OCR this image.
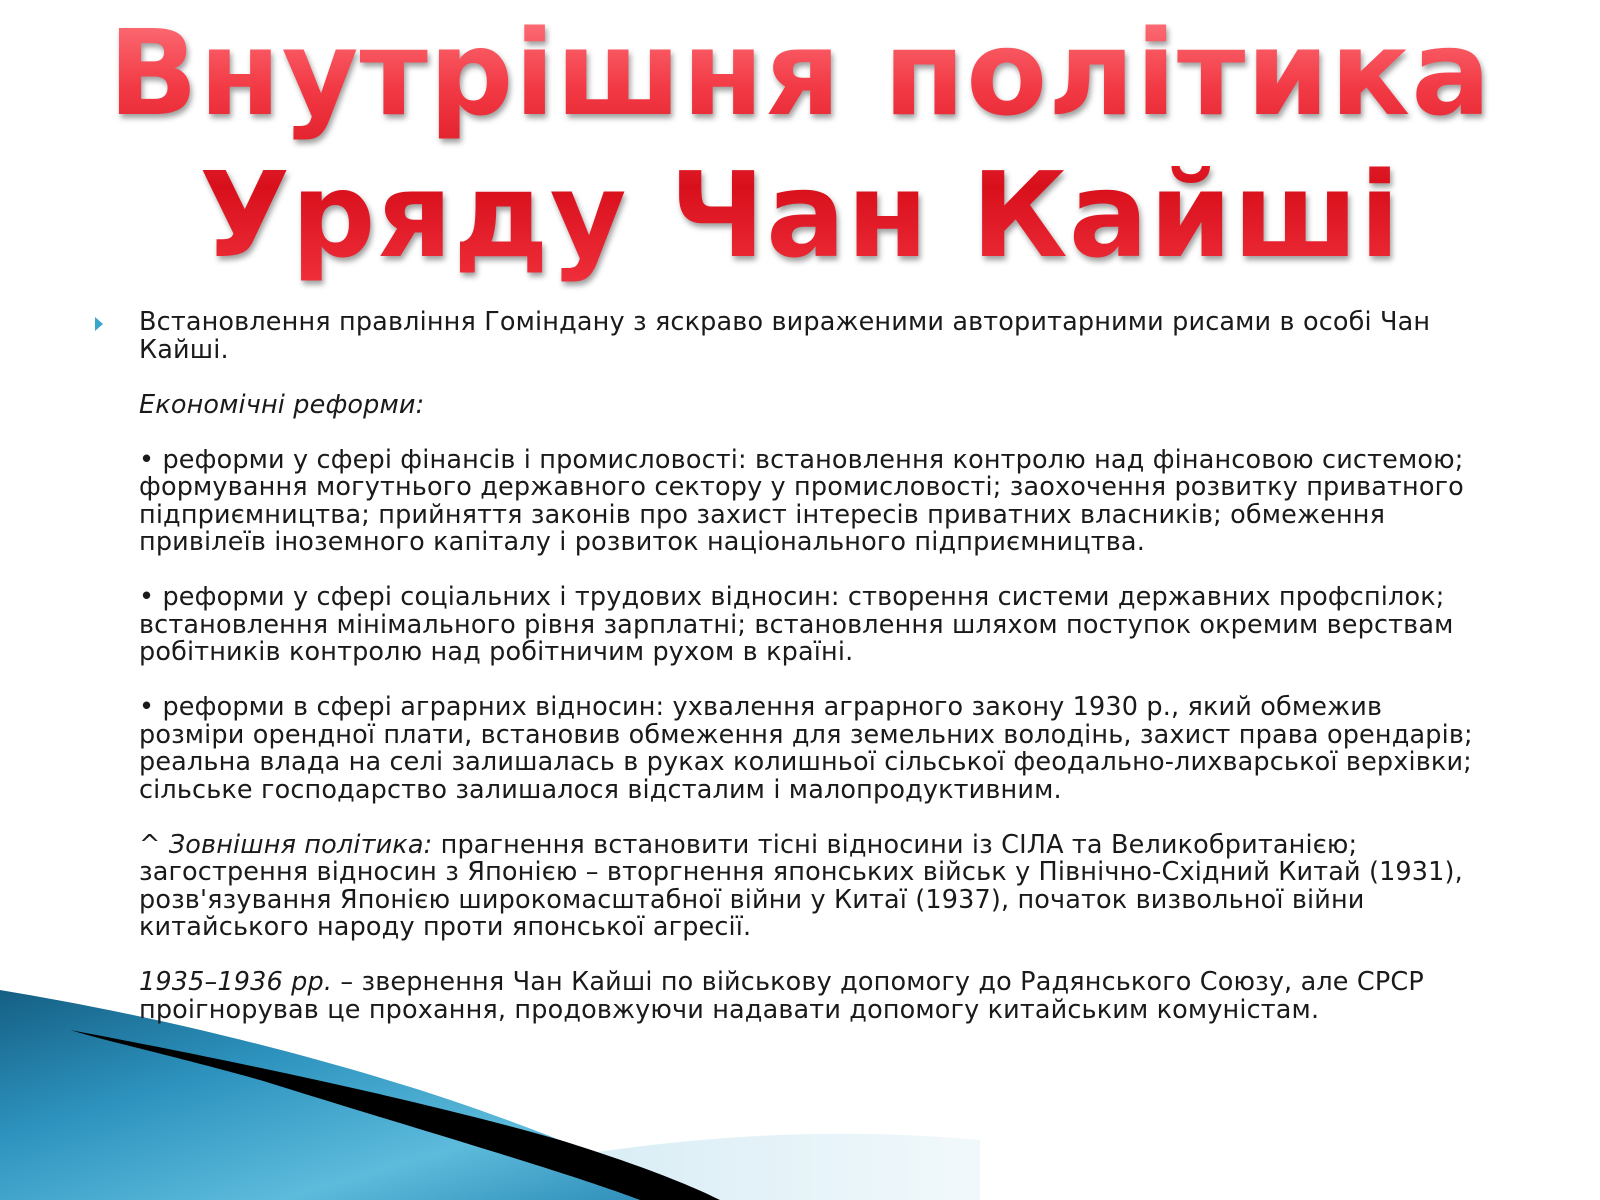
Внутрішня політика
Уряду Чан Кайші

Встановлення правління Гоміндану з яскраво вираженими авторитарними рисами в особі Чан Кайші.

Економічні реформи:

• реформи у сфері фінансів і промисловості: встановлення контролю над фінансовою системою; формування могутнього державного сектору у промисловості; заохочення розвитку приватного підприємництва; прийняття законів про захист інтересів приватних власників; обмеження привілеїв іноземного капіталу і розвиток національного підприємництва.

• реформи у сфері соціальних і трудових відносин: створення системи державних профспілок; встановлення мінімального рівня зарплатні; встановлення шляхом поступок окремим верствам робітників контролю над робітничим рухом в країні.

• реформи в сфері аграрних відносин: ухвалення аграрного закону 1930 р., який обмежив розміри орендної плати, встановив обмеження для земельних володінь, захист права орендарів; реальна влада на селі залишалась в руках колишньої сільської феодально-лихварської верхівки; сільське господарство залишалося відсталим і малопродуктивним.

^ Зовнішня політика: прагнення встановити тісні відносини із СІЛА та Великобританією; загострення відносин з Японією – вторгнення японських військ у Північно-Східний Китай (1931), розв'язування Японією широкомасштабної війни у Китаї (1937), початок визвольної війни китайського народу проти японської агресії.

1935–1936 рр. – звернення Чан Кайші по військову допомогу до Радянського Союзу, але СРСР проігнорував це прохання, продовжуючи надавати допомогу китайським комуністам.
